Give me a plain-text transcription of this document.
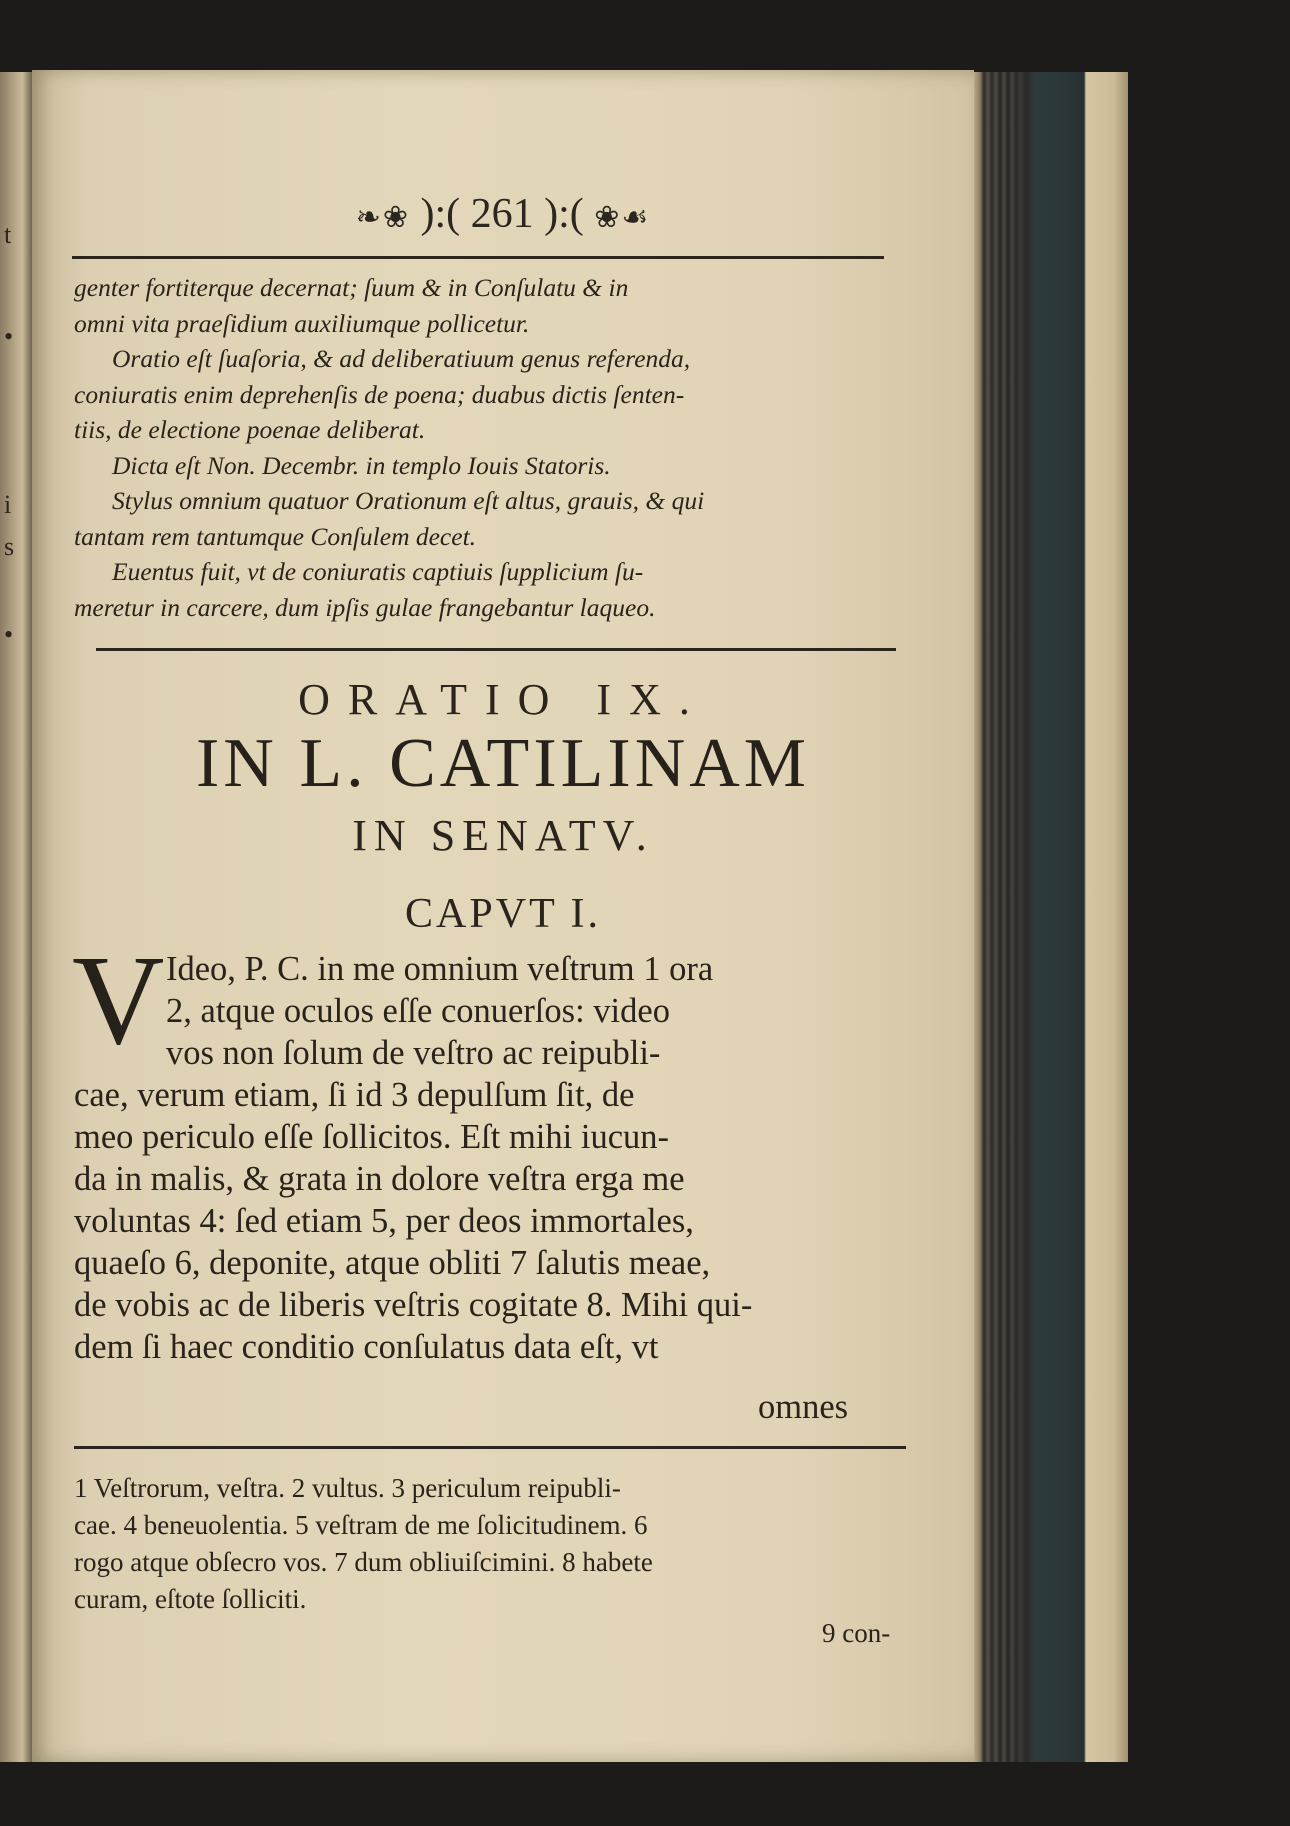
t
•
i
s
•
❧❀ ):( 261 ):( ❀☙

genter fortiterque decernat; ſuum & in Conſulatu & in

omni vita praeſidium auxiliumque pollicetur.

Oratio eſt ſuaſoria, & ad deliberatiuum genus referenda,

coniuratis enim deprehenſis de poena; duabus dictis ſenten-

tiis, de electione poenae deliberat.

Dicta eſt Non. Decembr. in templo Iouis Statoris.

Stylus omnium quatuor Orationum eſt altus, grauis, & qui

tantam rem tantumque Conſulem decet.

Euentus fuit, vt de coniuratis captiuis ſupplicium ſu-

meretur in carcere, dum ipſis gulae frangebantur laqueo.

ORATIO IX.
IN L. CATILINAM
IN SENATV.
CAPVT I.
V Ideo, P. C. in me omnium veſtrum 1 ora
2, atque oculos eſſe conuerſos: video
vos non ſolum de veſtro ac reipubli-
cae, verum etiam, ſi id 3 depulſum ſit, de
meo periculo eſſe ſollicitos. Eſt mihi iucun-
da in malis, & grata in dolore veſtra erga me
voluntas 4: ſed etiam 5, per deos immortales,
quaeſo 6, deponite, atque obliti 7 ſalutis meae,
de vobis ac de liberis veſtris cogitate 8. Mihi qui-
dem ſi haec conditio conſulatus data eſt, vt
omnes

1 Veſtrorum, veſtra. 2 vultus. 3 periculum reipubli-

cae. 4 beneuolentia. 5 veſtram de me ſolicitudinem. 6

rogo atque obſecro vos. 7 dum obliuiſcimini. 8 habete

curam, eſtote ſolliciti.

9 con-
